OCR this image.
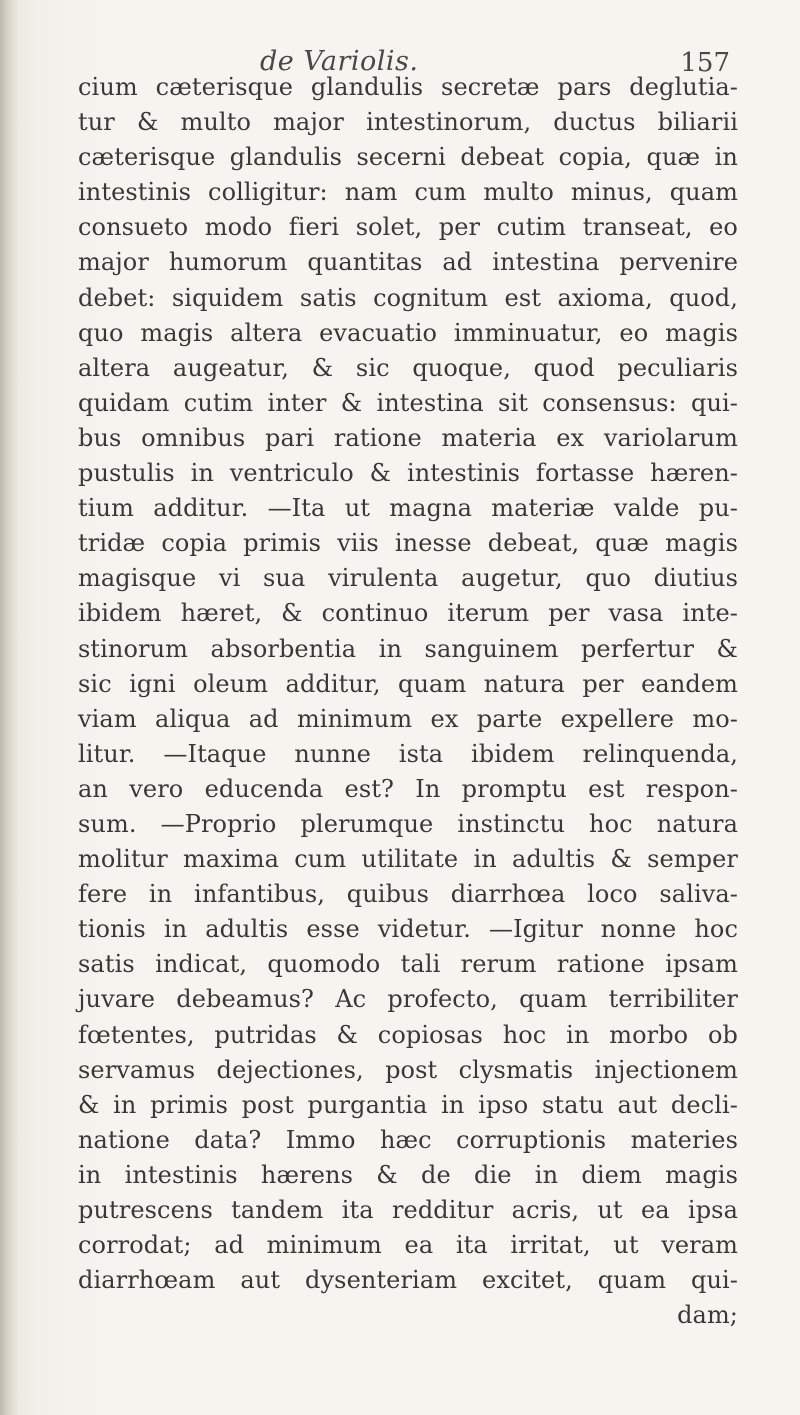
de Variolis.	157
cium cæterisque glandulis secretæ pars deglutia-
tur & multo major intestinorum, ductus biliarii
cæterisque glandulis secerni debeat copia, quæ in
intestinis colligitur: nam cum multo minus, quam
consueto modo fieri solet, per cutim transeat, eo
major humorum quantitas ad intestina pervenire
debet: siquidem satis cognitum est axioma, quod,
quo magis altera evacuatio imminuatur, eo magis
altera augeatur, & sic quoque, quod peculiaris
quidam cutim inter & intestina sit consensus: qui-
bus omnibus pari ratione materia ex variolarum
pustulis in ventriculo & intestinis fortasse hæren-
tium additur. —Ita ut magna materiæ valde pu-
tridæ copia primis viis inesse debeat, quæ magis
magisque vi sua virulenta augetur, quo diutius
ibidem hæret, & continuo iterum per vasa inte-
stinorum absorbentia in sanguinem perfertur &
sic igni oleum additur, quam natura per eandem
viam aliqua ad minimum ex parte expellere mo-
litur. —Itaque nunne ista ibidem relinquenda,
an vero educenda est? In promptu est respon-
sum. —Proprio plerumque instinctu hoc natura
molitur maxima cum utilitate in adultis & semper
fere in infantibus, quibus diarrhœa loco saliva-
tionis in adultis esse videtur. —Igitur nonne hoc
satis indicat, quomodo tali rerum ratione ipsam
juvare debeamus? Ac profecto, quam terribiliter
fœtentes, putridas & copiosas hoc in morbo ob
servamus dejectiones, post clysmatis injectionem
& in primis post purgantia in ipso statu aut decli-
natione data? Immo hæc corruptionis materies
in intestinis hærens & de die in diem magis
putrescens tandem ita redditur acris, ut ea ipsa
corrodat; ad minimum ea ita irritat, ut veram
diarrhœam aut dysenteriam excitet, quam qui-
dam;
